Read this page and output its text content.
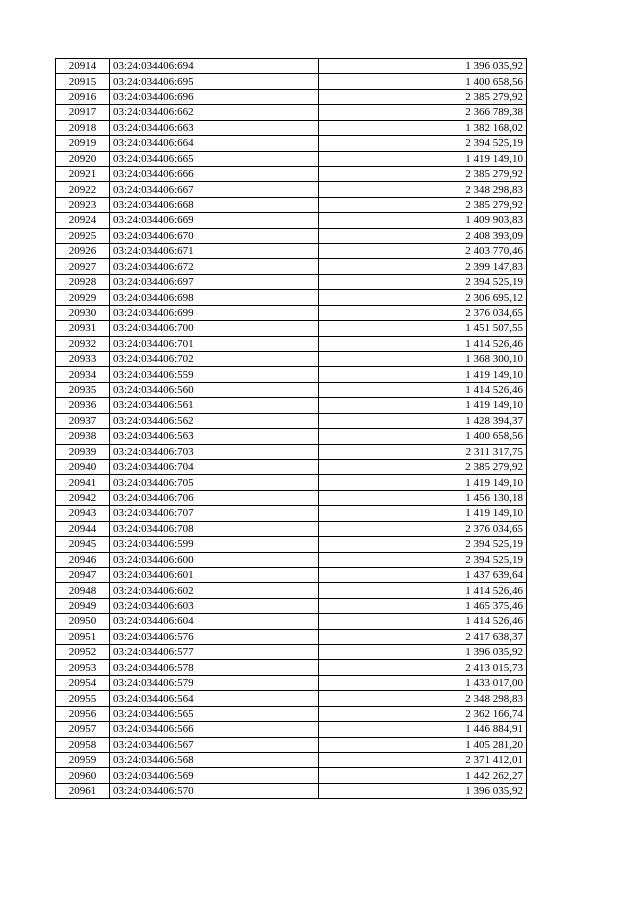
20914	03:24:034406:694	1 396 035,92
20915	03:24:034406:695	1 400 658,56
20916	03:24:034406:696	2 385 279,92
20917	03:24:034406:662	2 366 789,38
20918	03:24:034406:663	1 382 168,02
20919	03:24:034406:664	2 394 525,19
20920	03:24:034406:665	1 419 149,10
20921	03:24:034406:666	2 385 279,92
20922	03:24:034406:667	2 348 298,83
20923	03:24:034406:668	2 385 279,92
20924	03:24:034406:669	1 409 903,83
20925	03:24:034406:670	2 408 393,09
20926	03:24:034406:671	2 403 770,46
20927	03:24:034406:672	2 399 147,83
20928	03:24:034406:697	2 394 525,19
20929	03:24:034406:698	2 306 695,12
20930	03:24:034406:699	2 376 034,65
20931	03:24:034406:700	1 451 507,55
20932	03:24:034406:701	1 414 526,46
20933	03:24:034406:702	1 368 300,10
20934	03:24:034406:559	1 419 149,10
20935	03:24:034406:560	1 414 526,46
20936	03:24:034406:561	1 419 149,10
20937	03:24:034406:562	1 428 394,37
20938	03:24:034406:563	1 400 658,56
20939	03:24:034406:703	2 311 317,75
20940	03:24:034406:704	2 385 279,92
20941	03:24:034406:705	1 419 149,10
20942	03:24:034406:706	1 456 130,18
20943	03:24:034406:707	1 419 149,10
20944	03:24:034406:708	2 376 034,65
20945	03:24:034406:599	2 394 525,19
20946	03:24:034406:600	2 394 525,19
20947	03:24:034406:601	1 437 639,64
20948	03:24:034406:602	1 414 526,46
20949	03:24:034406:603	1 465 375,46
20950	03:24:034406:604	1 414 526,46
20951	03:24:034406:576	2 417 638,37
20952	03:24:034406:577	1 396 035,92
20953	03:24:034406:578	2 413 015,73
20954	03:24:034406:579	1 433 017,00
20955	03:24:034406:564	2 348 298,83
20956	03:24:034406:565	2 362 166,74
20957	03:24:034406:566	1 446 884,91
20958	03:24:034406:567	1 405 281,20
20959	03:24:034406:568	2 371 412,01
20960	03:24:034406:569	1 442 262,27
20961	03:24:034406:570	1 396 035,92
